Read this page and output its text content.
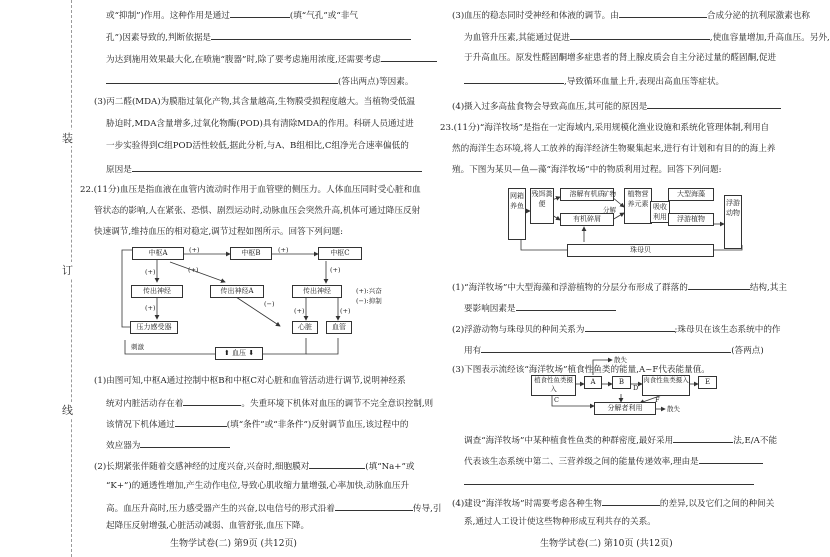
装
订
线
或“抑制”)作用。这种作用是通过	(填“气孔”或“非气
孔”)因素导致的,判断依据是
为达到施用效果最大化,在喷施“腹器”时,除了要考虑施用浓度,还需要考虑
(答出两点)等因素。
(3)丙二醛(MDA)为膜脂过氧化产物,其含量越高,生物膜受损程度越大。当植物受低温
胁迫时,MDA含量增多,过氧化物酶(POD)具有清除MDA的作用。科研人员通过进
一步实验得到C组POD活性较低,据此分析,与A、B组相比,C组净光合速率偏低的
原因是
22.(11分)血压是指血液在血管内流动时作用于血管壁的侧压力。人体血压同时受心脏和血
管状态的影响,人在紧张、恐惧、剧烈运动时,动脉血压会突然升高,机体可通过降压反射
快速调节,维持血压的相对稳定,调节过程如图所示。回答下列问题:
中枢A	中枢B	中枢C
传出神经	传出神经A	传出神经
压力感受器	心脏	血管
⬆ 血压 ⬇
刺激
(+)	(+)
(+)
(+)
(+)	(+)
(−)
(+)	(+)
(+):兴奋
(−):抑制
(1)由图可知,中枢A通过控制中枢B和中枢C对心脏和血管活动进行调节,说明神经系
统对内脏活动存在着	。失重环境下机体对血压的调节不完全意识控制,则
该情况下机体通过	(填“条件”或“非条件”)反射调节血压,该过程中的
效应器为
(2)长期紧张伴随着交感神经的过度兴奋,兴奋时,细胞膜对	(填“Na+”或
“K+”)的通透性增加,产生动作电位,导致心肌收缩力量增强,心率加快,动脉血压升
高。血压升高时,压力感受器产生的兴奋,以电信号的形式沿着	传导,引
起降压反射增强,心脏活动减弱、血管舒张,血压下降。
生物学试卷(二) 第9页 (共12页)
(3)血压的稳态同时受神经和体液的调节。由	合成分泌的抗利尿激素也称
为血管升压素,其能通过促进	,使血容量增加,升高血压。另外,
于升高血压。原发性醛固酮增多症患者的肾上腺皮质会自主分泌过量的醛固酮,促进
,导致循环血量上升,表现出高血压等症状。
(4)摄入过多高盐食物会导致高血压,其可能的原因是
23.(11分)“海洋牧场”是指在一定海域内,采用规模化渔业设施和系统化管理体制,利用自
然的海洋生态环境,将人工放养的海洋经济生物聚集起来,进行有计划和有目的的海上养
殖。下图为某贝—鱼—藻“海洋牧场”中的物质利用过程。回答下列问题:
网箱养鱼
残饵粪便
溶解有机质
有机碎屑
矿物
分解
植物营养元素 吸收利用
大型海藻
浮游植物
浮游动物
珠母贝
(1)“海洋牧场”中大型海藻和浮游植物的分层分布形成了群落的	结构,其主
要影响因素是
(2)浮游动物与珠母贝的种间关系为	;珠母贝在该生态系统中的作
用有	(答两点)
(3)下图表示流经该“海洋牧场”植食性鱼类的能量,A~F代表能量值。
植食性鱼类摄入
A	B	肉食性鱼类摄入	E
分解者利用
散失
散失
C
D
F
调查“海洋牧场”中某种植食性鱼类的种群密度,最好采用	法,E/A不能
代表该生态系统中第二、三营养级之间的能量传递效率,理由是
(4)建设“海洋牧场”时需要考虑各种生物	的差异,以及它们之间的种间关
系,通过人工设计使这些物种形成互利共存的关系。
生物学试卷(二) 第10页 (共12页)
